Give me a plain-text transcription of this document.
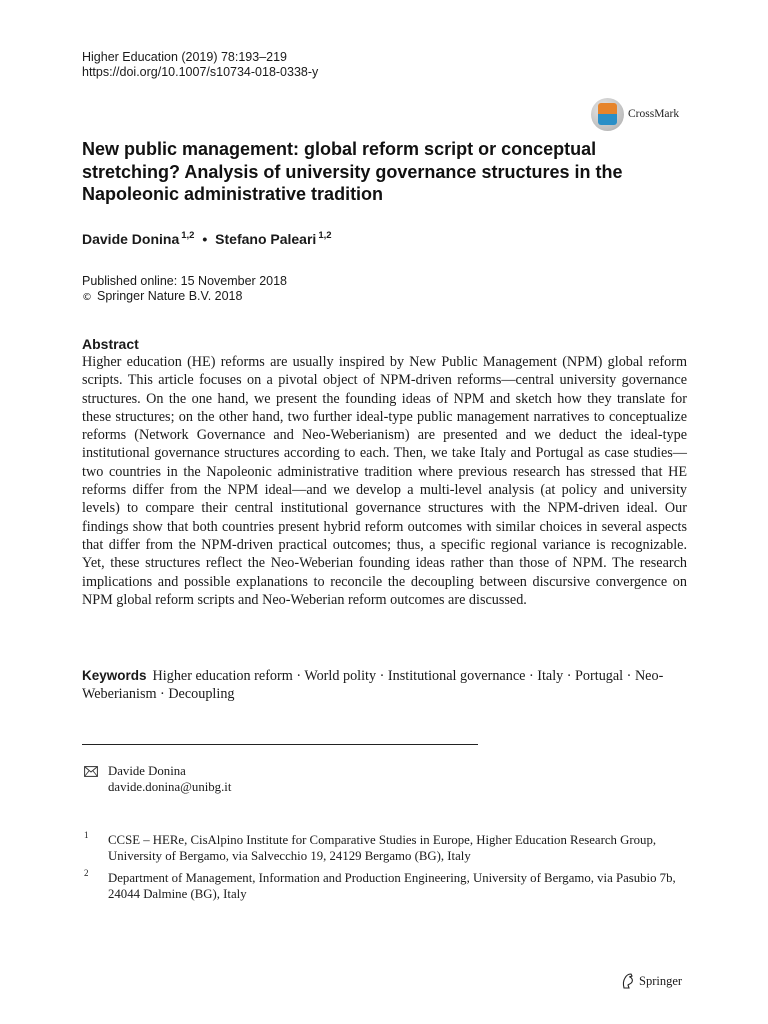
Higher Education (2019) 78:193–219
https://doi.org/10.1007/s10734-018-0338-y
CrossMark
New public management: global reform script or conceptual stretching? Analysis of university governance structures in the Napoleonic administrative tradition
Davide Donina $^{1,2}$ • Stefano Paleari $^{1,2}$
Published online: 15 November 2018
© Springer Nature B.V. 2018
Abstract

Higher education (HE) reforms are usually inspired by New Public Management (NPM) global reform scripts. This article focuses on a pivotal object of NPM-driven reforms—central university governance structures. On the one hand, we present the founding ideas of NPM and sketch how they translate for these structures; on the other hand, two further ideal-type public management narratives to conceptualize reforms (Network Governance and Neo-Weberianism) are presented and we deduct the ideal-type institutional governance structures according to each. Then, we take Italy and Portugal as case studies—two countries in the Napoleonic administrative tradition where previous research has stressed that HE reforms differ from the NPM ideal—and we develop a multi-level analysis (at policy and university levels) to compare their central institutional governance structures with the NPM-driven ideal. Our findings show that both countries present hybrid reform outcomes with similar choices in several aspects that differ from the NPM-driven practical outcomes; thus, a specific regional variance is recognizable. Yet, these structures reflect the Neo-Weberian founding ideas rather than those of NPM. The research implications and possible explanations to reconcile the decoupling between discursive convergence on NPM global reform scripts and Neo-Weberian reform outcomes are discussed.

Keywords Higher education reform · World polity · Institutional governance · Italy · Portugal · Neo-Weberianism · Decoupling

Davide Donina
davide.donina@unibg.it
1 CCSE – HERe, CisAlpino Institute for Comparative Studies in Europe, Higher Education Research Group, University of Bergamo, via Salvecchio 19, 24129 Bergamo (BG), Italy

2 Department of Management, Information and Production Engineering, University of Bergamo, via Pasubio 7b, 24044 Dalmine (BG), Italy

Springer
